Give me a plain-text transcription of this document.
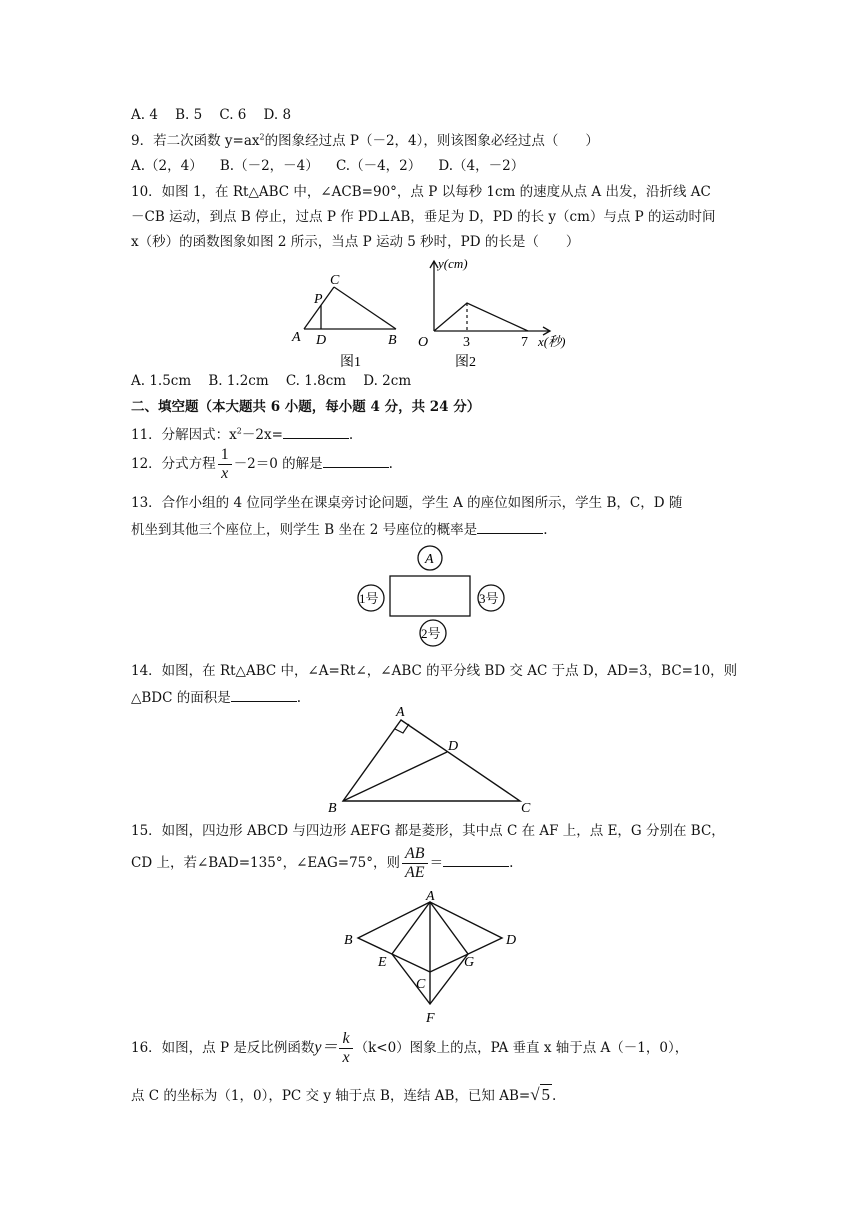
A. 4    B. 5    C. 6    D. 8
9．若二次函数 $y=ax^2$的图象经过点 P（－2，4），则该图象必经过点（　　）
A.（2，4）    B.（－2，－4）    C.（－4，2）    D.（4，－2）
10．如图 1，在 Rt△ABC 中，∠ACB=90°，点 P 以每秒 1cm 的速度从点 A 出发，沿折线 AC
－CB 运动，到点 B 停止，过点 P 作 PD⊥AB，垂足为 D，PD 的长 y（cm）与点 P 的运动时间
x（秒）的函数图象如图 2 所示，当点 P 运动 5 秒时，PD 的长是（　　）
C
P
A D	B
图1
y(cm)
O 3	7 x(秒)
图2
A. 1.5cm    B. 1.2cm    C. 1.8cm    D. 2cm
二、填空题（本大题共 6 小题，每小题 4 分，共 24 分）
11．分解因式：$x^2-2x=$	.
12．分式方程 $\frac{1}{x} -2=0$ 的解是	.
13．合作小组的 4 位同学坐在课桌旁讨论问题，学生 A 的座位如图所示，学生 B，C，D 随
机坐到其他三个座位上，则学生 B 坐在 2 号座位的概率是	.
A
1号	3号
2号
14．如图，在 Rt△ABC 中，∠A=Rt∠，∠ABC 的平分线 BD 交 AC 于点 D，AD=3，BC=10，则
△BDC 的面积是	.
A
D
B	C
15．如图，四边形 ABCD 与四边形 AEFG 都是菱形，其中点 C 在 AF 上，点 E，G 分别在 BC，
CD 上，若∠BAD=135°，∠EAG=75°，则 $\frac{AB}{AE}$ ＝	.
A
B	D
E	G
C
F
16．如图，点 P 是反比例函数$y= \frac{k}{x} (k<0)$图象上的点，PA 垂直 x 轴于点 A（－1，0），
点 C 的坐标为（1，0），PC 交 y 轴于点 B，连结 AB，已知 AB=√ 5 .
